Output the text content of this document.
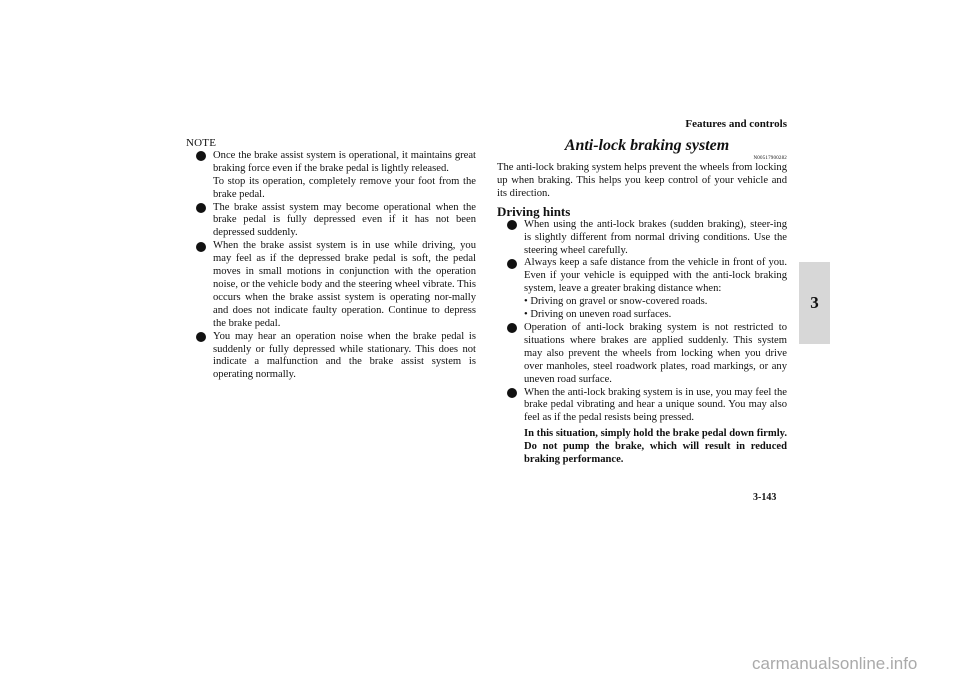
Features and controls
3
3-143

NOTE

Once the brake assist system is operational, it maintains great braking force even if the brake pedal is lightly released.
To stop its operation, completely remove your foot from the brake pedal.
The brake assist system may become operational when the brake pedal is fully depressed even if it has not been depressed suddenly.
When the brake assist system is in use while driving, you may feel as if the depressed brake pedal is soft, the pedal moves in small motions in conjunction with the operation noise, or the vehicle body and the steering wheel vibrate. This occurs when the brake assist system is operating nor-mally and does not indicate faulty operation. Continue to depress the brake pedal.
You may hear an operation noise when the brake pedal is suddenly or fully depressed while stationary. This does not indicate a malfunction and the brake assist system is operating normally.
Anti-lock braking system

N00517900282

The anti-lock braking system helps prevent the wheels from locking up when braking. This helps you keep control of your vehicle and its direction.

Driving hints
When using the anti-lock brakes (sudden braking), steer-ing is slightly different from normal driving conditions. Use the steering wheel carefully.
Always keep a safe distance from the vehicle in front of you. Even if your vehicle is equipped with the anti-lock braking system, leave a greater braking distance when:
• Driving on gravel or snow-covered roads.
• Driving on uneven road surfaces.
Operation of anti-lock braking system is not restricted to situations where brakes are applied suddenly. This system may also prevent the wheels from locking when you drive over manholes, steel roadwork plates, road markings, or any uneven road surface.
When the anti-lock braking system is in use, you may feel the brake pedal vibrating and hear a unique sound. You may also feel as if the pedal resists being pressed.
In this situation, simply hold the brake pedal down firmly. Do not pump the brake, which will result in reduced braking performance.
carmanualsonline.info
